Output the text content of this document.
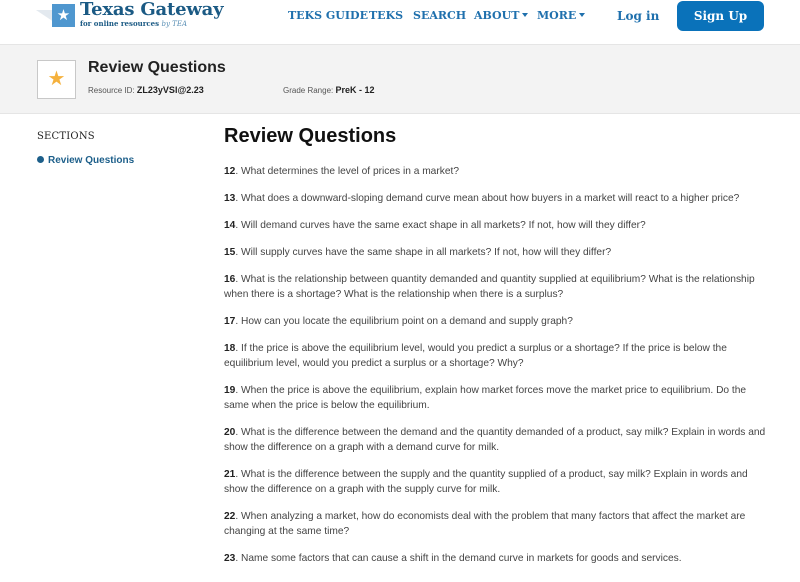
★ Texas Gateway
for online resources by TEA
TEKS GUIDE TEKS SEARCH ABOUT	MORE	Log in	Sign Up
★
Review Questions
Resource ID: ZL23yVSl@2.23	Grade Range: PreK - 12
SECTIONS
Review Questions
Review Questions

12. What determines the level of prices in a market?

13. What does a downward-sloping demand curve mean about how buyers in a market will react to a higher price?

14. Will demand curves have the same exact shape in all markets? If not, how will they differ?

15. Will supply curves have the same shape in all markets? If not, how will they differ?

16. What is the relationship between quantity demanded and quantity supplied at equilibrium? What is the relationship when there is a shortage? What is the relationship when there is a surplus?

17. How can you locate the equilibrium point on a demand and supply graph?

18. If the price is above the equilibrium level, would you predict a surplus or a shortage? If the price is below the equilibrium level, would you predict a surplus or a shortage? Why?

19. When the price is above the equilibrium, explain how market forces move the market price to equilibrium. Do the same when the price is below the equilibrium.

20. What is the difference between the demand and the quantity demanded of a product, say milk? Explain in words and show the difference on a graph with a demand curve for milk.

21. What is the difference between the supply and the quantity supplied of a product, say milk? Explain in words and show the difference on a graph with the supply curve for milk.

22. When analyzing a market, how do economists deal with the problem that many factors that affect the market are changing at the same time?

23. Name some factors that can cause a shift in the demand curve in markets for goods and services.
